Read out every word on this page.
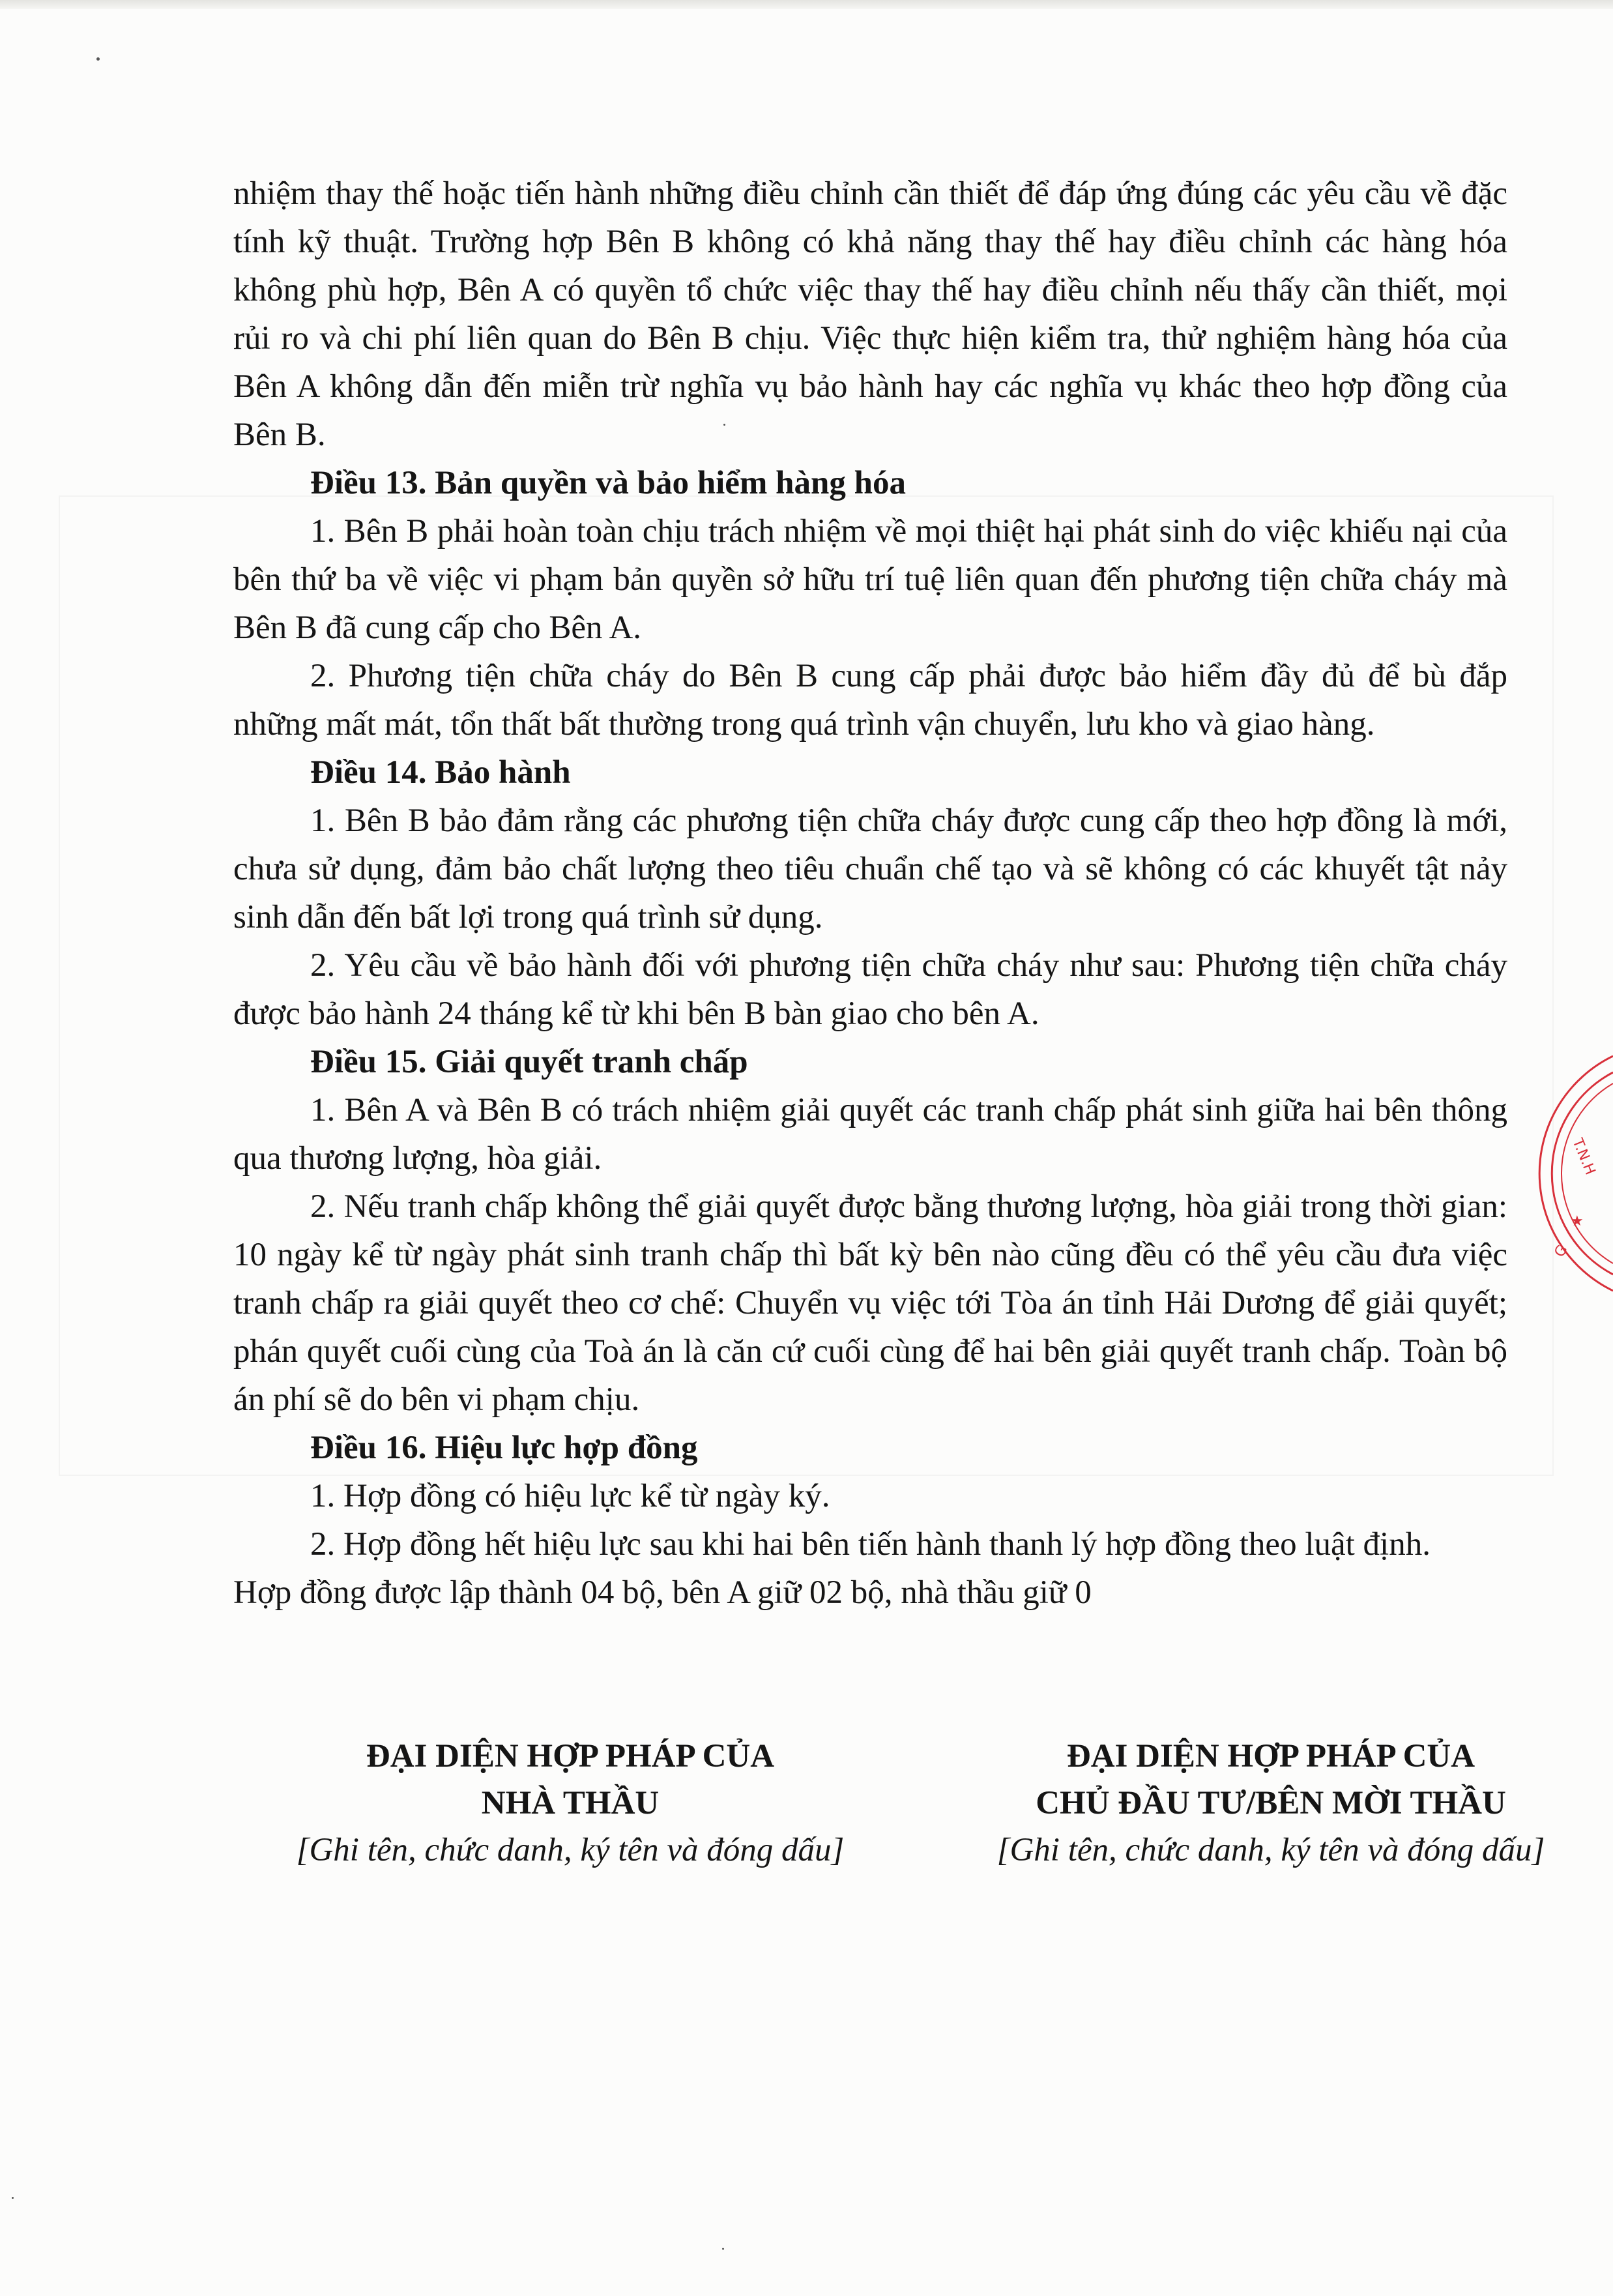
nhiệm thay thế hoặc tiến hành những điều chỉnh cần thiết để đáp ứng đúng các yêu cầu về đặc tính kỹ thuật. Trường hợp Bên B không có khả năng thay thế hay điều chỉnh các hàng hóa không phù hợp, Bên A có quyền tổ chức việc thay thế hay điều chỉnh nếu thấy cần thiết, mọi rủi ro và chi phí liên quan do Bên B chịu. Việc thực hiện kiểm tra, thử nghiệm hàng hóa của Bên A không dẫn đến miễn trừ nghĩa vụ bảo hành hay các nghĩa vụ khác theo hợp đồng của Bên B.

Điều 13. Bản quyền và bảo hiểm hàng hóa

1. Bên B phải hoàn toàn chịu trách nhiệm về mọi thiệt hại phát sinh do việc khiếu nại của bên thứ ba về việc vi phạm bản quyền sở hữu trí tuệ liên quan đến phương tiện chữa cháy mà Bên B đã cung cấp cho Bên A.

2. Phương tiện chữa cháy do Bên B cung cấp phải được bảo hiểm đầy đủ để bù đắp những mất mát, tổn thất bất thường trong quá trình vận chuyển, lưu kho và giao hàng.

Điều 14. Bảo hành

1. Bên B bảo đảm rằng các phương tiện chữa cháy được cung cấp theo hợp đồng là mới, chưa sử dụng, đảm bảo chất lượng theo tiêu chuẩn chế tạo và sẽ không có các khuyết tật nảy sinh dẫn đến bất lợi trong quá trình sử dụng.

2. Yêu cầu về bảo hành đối với phương tiện chữa cháy như sau: Phương tiện chữa cháy được bảo hành 24 tháng kể từ khi bên B bàn giao cho bên A.

Điều 15. Giải quyết tranh chấp

1. Bên A và Bên B có trách nhiệm giải quyết các tranh chấp phát sinh giữa hai bên thông qua thương lượng, hòa giải.

2. Nếu tranh chấp không thể giải quyết được bằng thương lượng, hòa giải trong thời gian: 10 ngày kể từ ngày phát sinh tranh chấp thì bất kỳ bên nào cũng đều có thể yêu cầu đưa việc tranh chấp ra giải quyết theo cơ chế: Chuyển vụ việc tới Tòa án tỉnh Hải Dương để giải quyết; phán quyết cuối cùng của Toà án là căn cứ cuối cùng để hai bên giải quyết tranh chấp. Toàn bộ án phí sẽ do bên vi phạm chịu.

Điều 16. Hiệu lực hợp đồng

1. Hợp đồng có hiệu lực kể từ ngày ký.

2. Hợp đồng hết hiệu lực sau khi hai bên tiến hành thanh lý hợp đồng theo luật định.

Hợp đồng được lập thành 04 bộ, bên A giữ 02 bộ, nhà thầu giữ 0

ĐẠI DIỆN HỢP PHÁP CỦA
NHÀ THẦU
[Ghi tên, chức danh, ký tên và đóng dấu]
ĐẠI DIỆN HỢP PHÁP CỦA
CHỦ ĐẦU TƯ/BÊN MỜI THẦU
[Ghi tên, chức danh, ký tên và đóng dấu]
T.N.H
★
G
